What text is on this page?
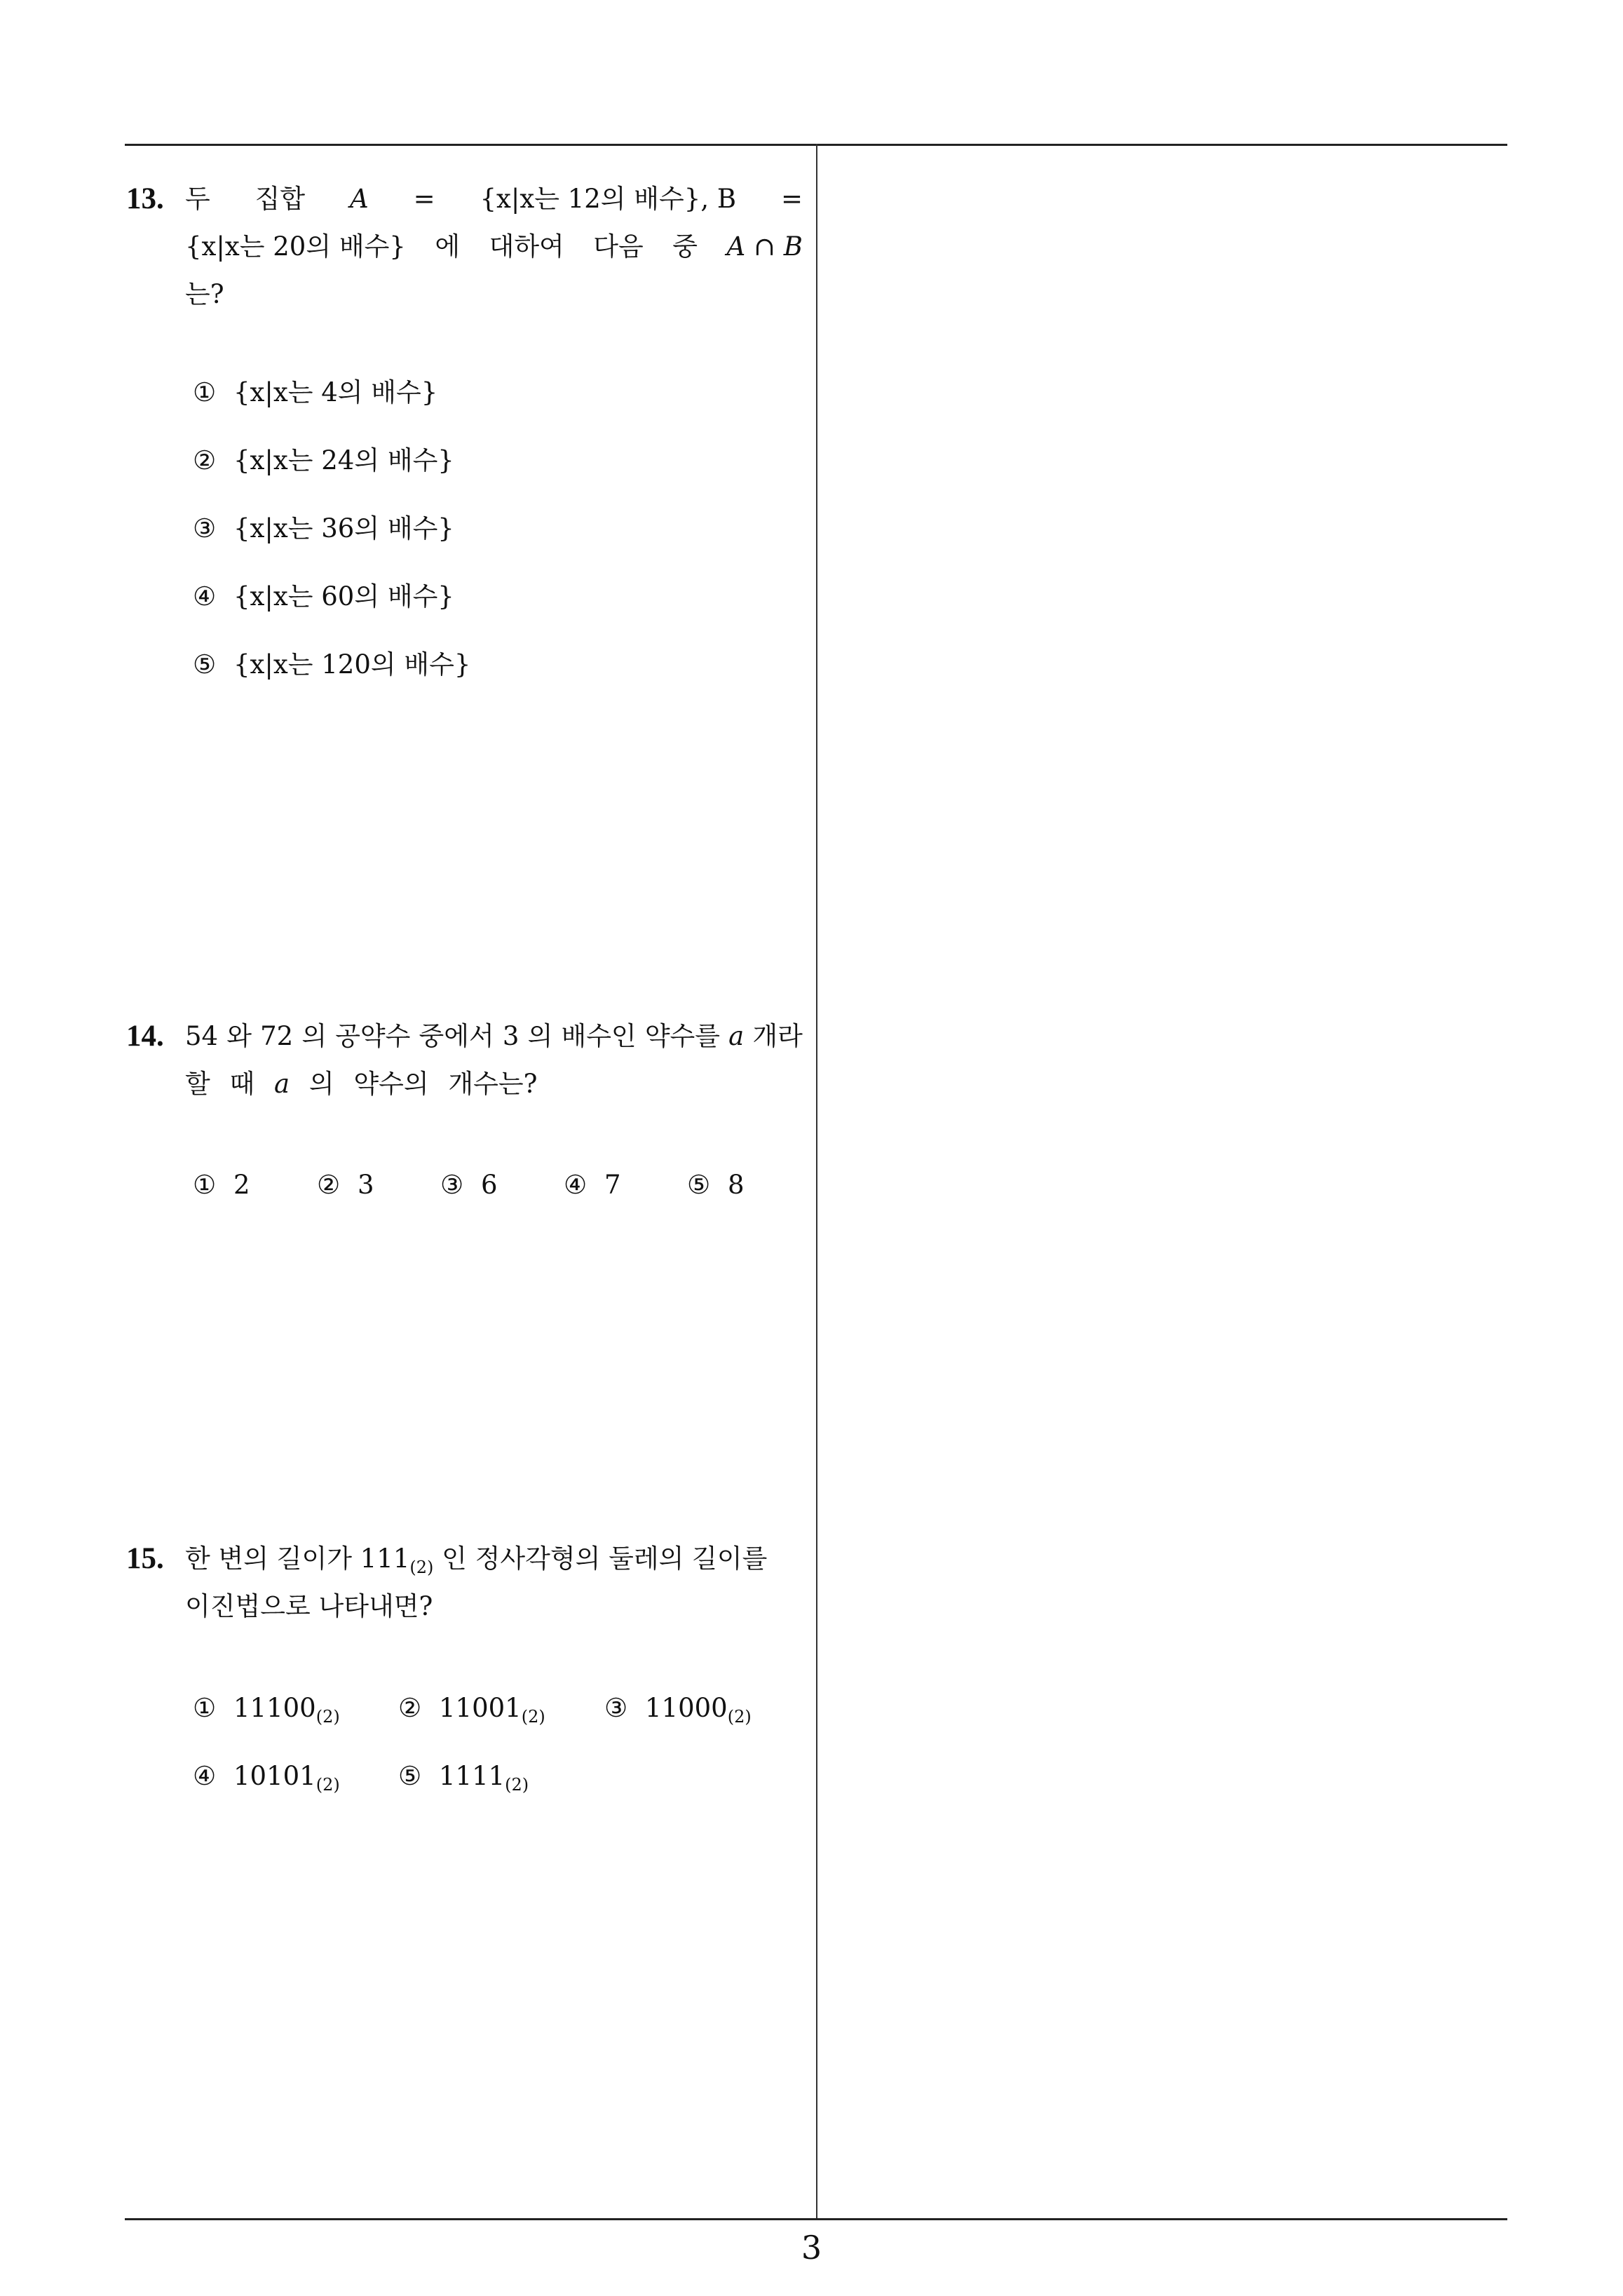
3
13. 두 집합 A = {x|x는 12의 배수}, B =
{x|x는 20의 배수} 에 대하여 다음 중 A ∩ B
는?
① {x|x는 4의 배수}
② {x|x는 24의 배수}
③ {x|x는 36의 배수}
④ {x|x는 60의 배수}
⑤ {x|x는 120의 배수}
14. 54 와 72 의 공약수 중에서 3 의 배수인 약수를 a 개라
할 때 a 의 약수의 개수는?
① 2	② 3	③ 6	④ 7	⑤ 8
15. 한 변의 길이가 $111_{(2)}$ 인 정사각형의 둘레의 길이를
이진법으로 나타내면?
① $11100_{(2)}$ ② $11001_{(2)}$ ③ $11000_{(2)}$
④ $10101_{(2)}$ ⑤ $1111_{(2)}$
